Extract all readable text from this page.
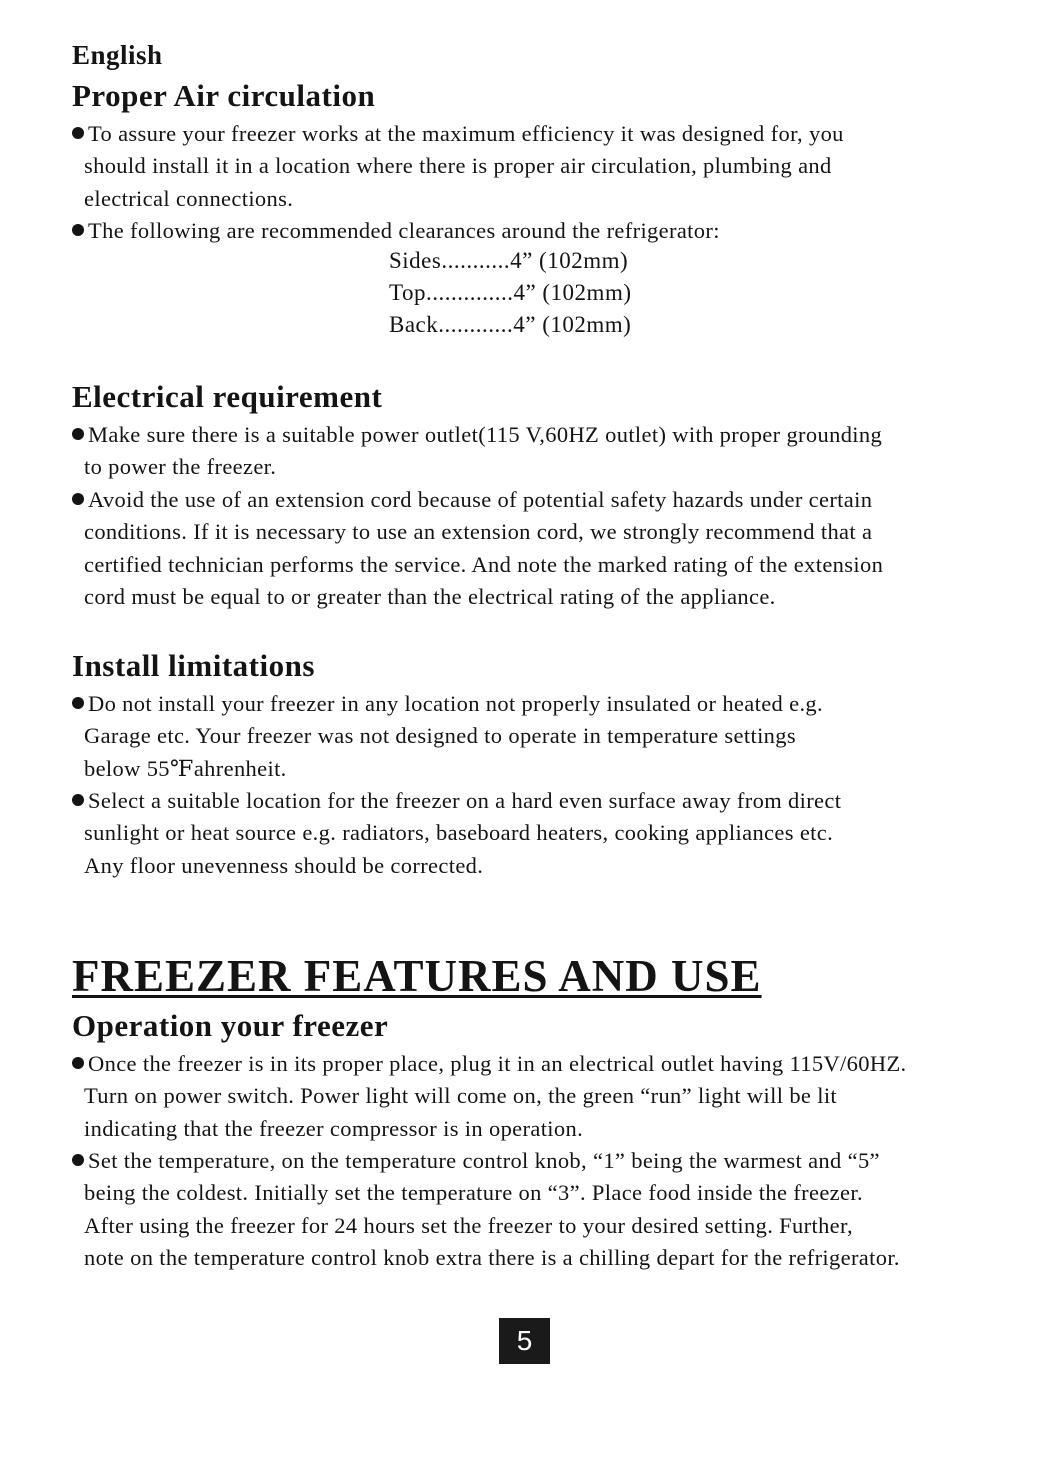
English
Proper Air circulation
To assure your freezer works at the maximum efficiency it was designed for, you
should install it in a location where there is proper air circulation, plumbing and
electrical connections.
The following are recommended clearances around the refrigerator:
Sides...........4” (102mm)
Top..............4” (102mm)
Back............4” (102mm)
Electrical requirement
Make sure there is a suitable power outlet(115 V,60HZ outlet) with proper grounding
to power the freezer.
Avoid the use of an extension cord because of potential safety hazards under certain
conditions. If it is necessary to use an extension cord, we strongly recommend that a
certified technician performs the service. And note the marked rating of the extension
cord must be equal to or greater than the electrical rating of the appliance.
Install limitations
Do not install your freezer in any location not properly insulated or heated e.g.
Garage etc. Your freezer was not designed to operate in temperature settings
below 55℉ahrenheit.
Select a suitable location for the freezer on a hard even surface away from direct
sunlight or heat source e.g. radiators, baseboard heaters, cooking appliances etc.
Any floor unevenness should be corrected.
FREEZER FEATURES AND USE
Operation your freezer
Once the freezer is in its proper place, plug it in an electrical outlet having 115V/60HZ.
Turn on power switch. Power light will come on, the green “run” light will be lit
indicating that the freezer compressor is in operation.
Set the temperature, on the temperature control knob, “1” being the warmest and “5”
being the coldest. Initially set the temperature on “3”. Place food inside the freezer.
After using the freezer for 24 hours set the freezer to your desired setting. Further,
note on the temperature control knob extra there is a chilling depart for the refrigerator.
5
